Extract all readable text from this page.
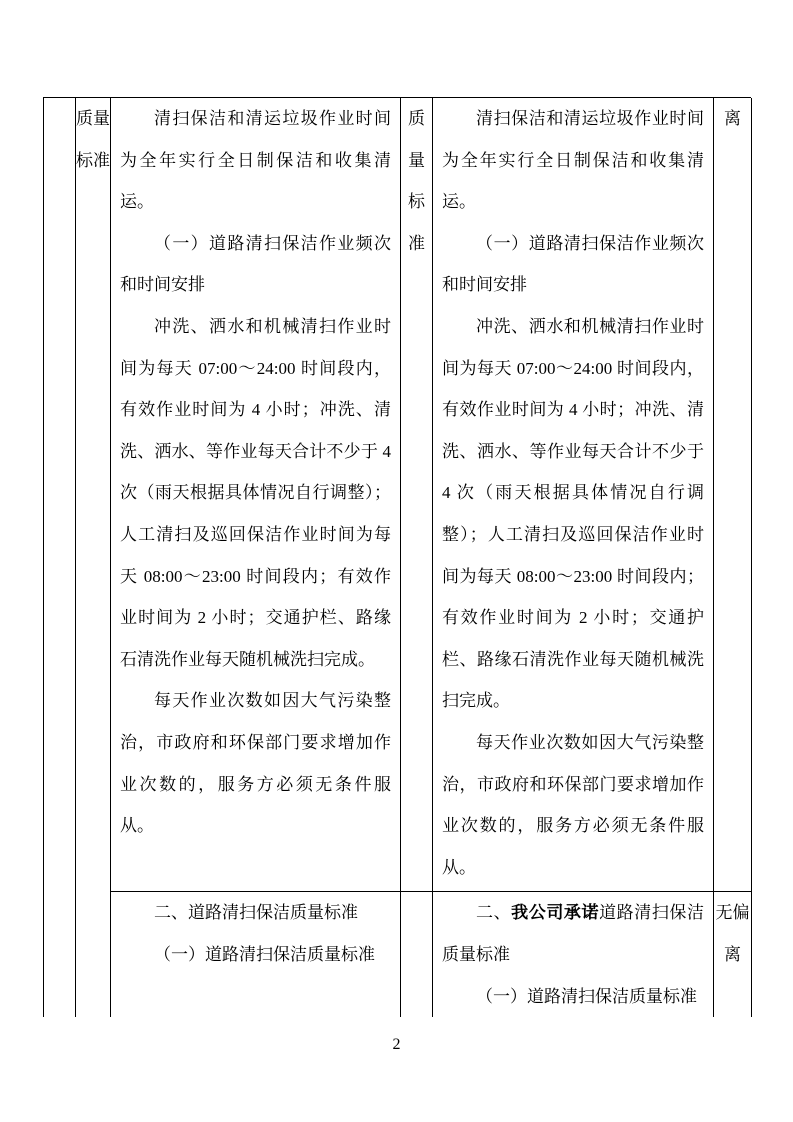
质量标准

清扫保洁和清运垃圾作业时间为全年实行全日制保洁和收集清运。

（一）道路清扫保洁作业频次和时间安排

冲洗、洒水和机械清扫作业时间为每天 07:00～24:00 时间段内，有效作业时间为 4 小时；冲洗、清洗、洒水、等作业每天合计不少于 4 次（雨天根据具体情况自行调整）；人工清扫及巡回保洁作业时间为每天 08:00～23:00 时间段内；有效作业时间为 2 小时；交通护栏、路缘石清洗作业每天随机械洗扫完成。

每天作业次数如因大气污染整治，市政府和环保部门要求增加作业次数的，服务方必须无条件服从。

质量标准

清扫保洁和清运垃圾作业时间为全年实行全日制保洁和收集清运。

（一）道路清扫保洁作业频次和时间安排

冲洗、洒水和机械清扫作业时间为每天 07:00～24:00 时间段内，有效作业时间为 4 小时；冲洗、清洗、洒水、等作业每天合计不少于 4 次（雨天根据具体情况自行调整）；人工清扫及巡回保洁作业时间为每天 08:00～23:00 时间段内；有效作业时间为 2 小时；交通护栏、路缘石清洗作业每天随机械洗扫完成。

每天作业次数如因大气污染整治，市政府和环保部门要求增加作业次数的，服务方必须无条件服从。

离

二、道路清扫保洁质量标准

（一）道路清扫保洁质量标准

二、我公司承诺道路清扫保洁质量标准

（一）道路清扫保洁质量标准

无偏离
2
